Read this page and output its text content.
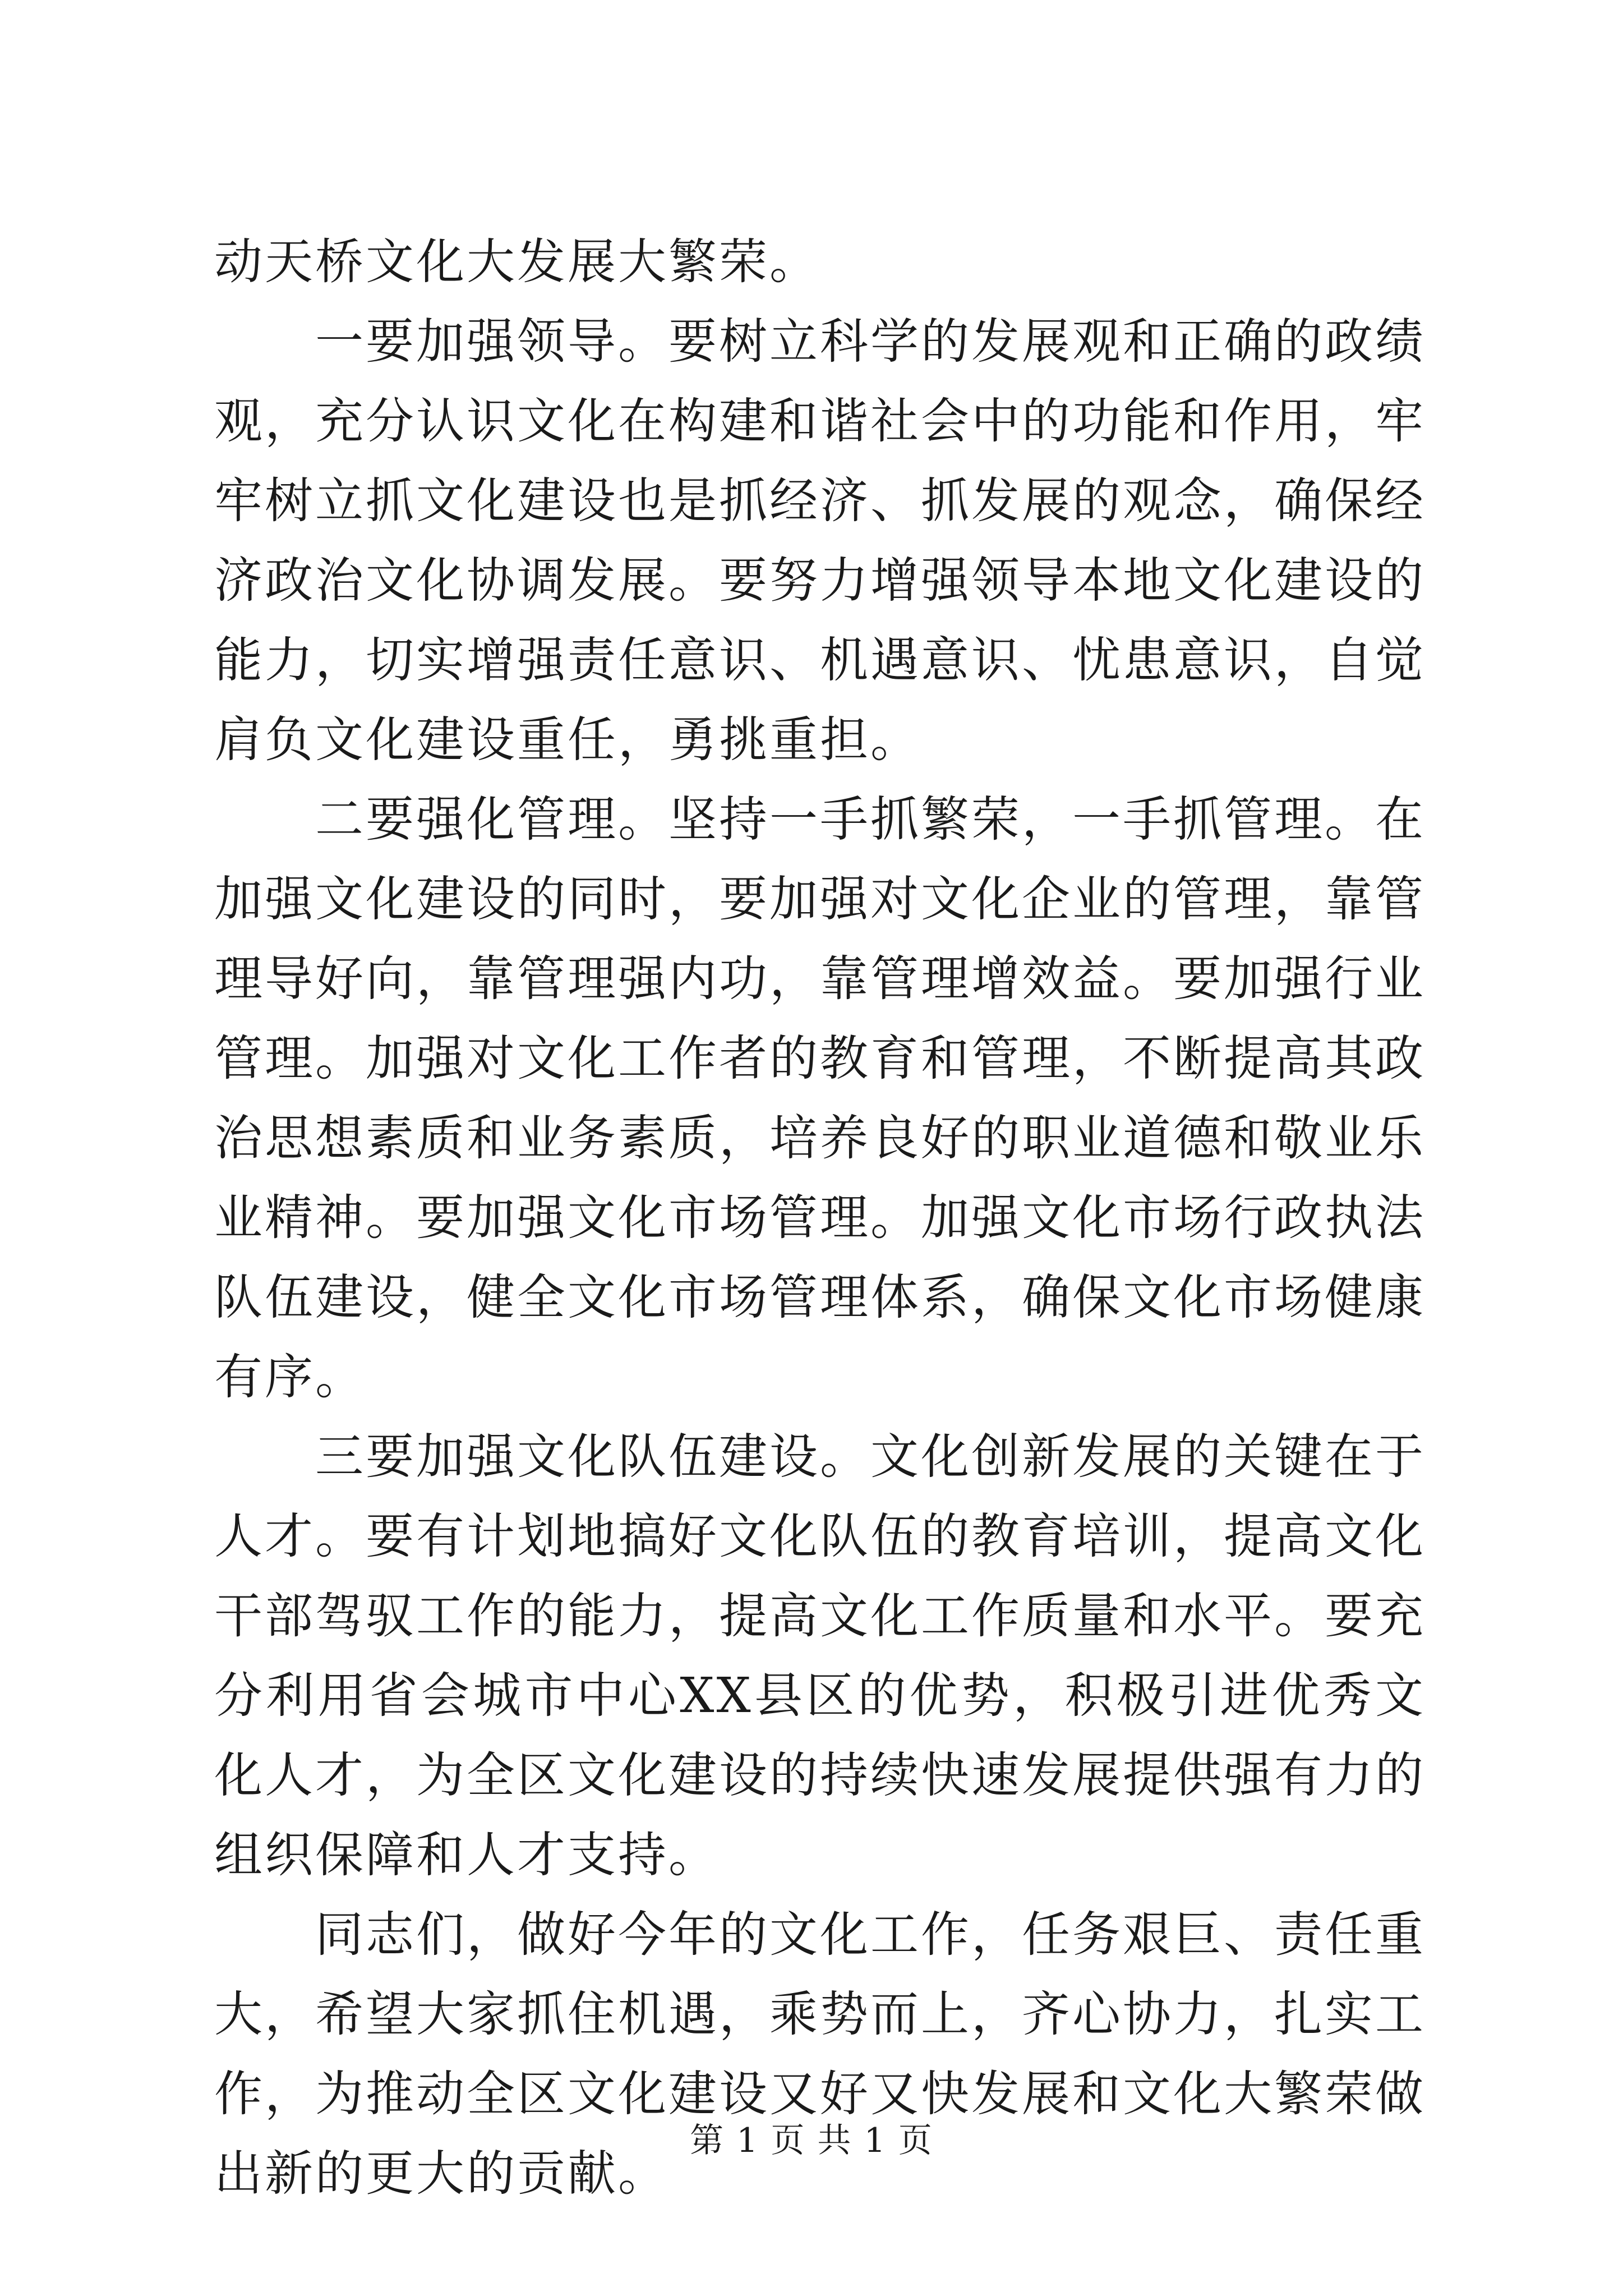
动天桥文化大发展大繁荣。

一要加强领导。要树立科学的发展观和正确的政绩观，充分认识文化在构建和谐社会中的功能和作用，牢牢树立抓文化建设也是抓经济、抓发展的观念，确保经济政治文化协调发展。要努力增强领导本地文化建设的能力，切实增强责任意识、机遇意识、忧患意识，自觉肩负文化建设重任，勇挑重担。

二要强化管理。坚持一手抓繁荣，一手抓管理。在加强文化建设的同时，要加强对文化企业的管理，靠管理导好向，靠管理强内功，靠管理增效益。要加强行业管理。加强对文化工作者的教育和管理，不断提高其政治思想素质和业务素质，培养良好的职业道德和敬业乐业精神。要加强文化市场管理。加强文化市场行政执法队伍建设，健全文化市场管理体系，确保文化市场健康有序。

三要加强文化队伍建设。文化创新发展的关键在于人才。要有计划地搞好文化队伍的教育培训，提高文化干部驾驭工作的能力，提高文化工作质量和水平。要充分利用省会城市中心XX县区的优势，积极引进优秀文化人才，为全区文化建设的持续快速发展提供强有力的组织保障和人才支持。

同志们，做好今年的文化工作，任务艰巨、责任重大，希望大家抓住机遇，乘势而上，齐心协力，扎实工作，为推动全区文化建设又好又快发展和文化大繁荣做出新的更大的贡献。

第 1 页 共 1 页
